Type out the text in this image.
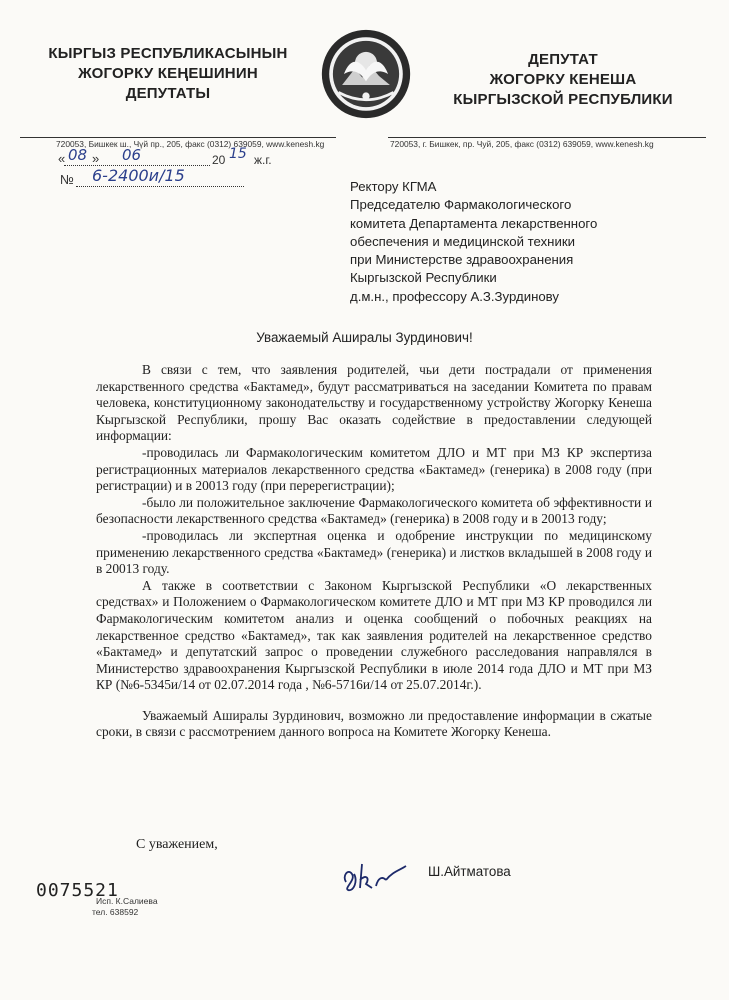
КЫРГЫЗ РЕСПУБЛИКАСЫНЫН
ЖОГОРКУ КЕҢЕШИНИН
ДЕПУТАТЫ
ДЕПУТАТ
ЖОГОРКУ КЕНЕША
КЫРГЫЗСКОЙ РЕСПУБЛИКИ
720053, Бишкек ш., Чүй пр., 205, факс (0312) 639059, www.kenesh.kg	720053, г. Бишкек, пр. Чуй, 205, факс (0312) 639059, www.kenesh.kg
« 08 » 06	20 15 ж.г.
№ 6-2400и/15
Ректору КГМА
Председателю Фармакологического
комитета Департамента лекарственного
обеспечения и медицинской техники
при Министерстве здравоохранения
Кыргызской Республики
д.м.н., профессору А.З.Зурдинову
Уважаемый Аширалы Зурдинович!

В связи с тем, что заявления родителей, чьи дети пострадали от применения лекарственного средства «Бактамед», будут рассматриваться на заседании Комитета по правам человека, конституционному законодательству и государственному устройству Жогорку Кенеша Кыргызской Республики, прошу Вас оказать содействие в предоставлении следующей информации:

-проводилась ли Фармакологическим комитетом ДЛО и МТ при МЗ КР экспертиза регистрационных материалов лекарственного средства «Бактамед» (генерика) в 2008 году (при регистрации) и в 20013 году (при перерегистрации);

-было ли положительное заключение Фармакологического комитета об эффективности и безопасности лекарственного средства «Бактамед» (генерика) в 2008 году и в 20013 году;

-проводилась ли экспертная оценка и одобрение инструкции по медицинскому применению лекарственного средства «Бактамед» (генерика) и листков вкладышей в 2008 году и в 20013 году.

А также в соответствии с Законом Кыргызской Республики «О лекарственных средствах» и Положением о Фармакологическом комитете ДЛО и МТ при МЗ КР проводился ли Фармакологическим комитетом анализ и оценка сообщений о побочных реакциях на лекарственное средство «Бактамед», так как заявления родителей на лекарственное средство «Бактамед» и депутатский запрос о проведении служебного расследования направлялся в Министерство здравоохранения Кыргызской Республики в июле 2014 года ДЛО и МТ при МЗ КР (№6-5345и/14 от 02.07.2014 года , №6-5716и/14 от 25.07.2014г.).

Уважаемый Аширалы Зурдинович, возможно ли предоставление информации в сжатые сроки, в связи с рассмотрением данного вопроса на Комитете Жогорку Кенеша.

С уважением,
Ш.Айтматова
0075521
Исп. К.Салиева
тел. 638592
